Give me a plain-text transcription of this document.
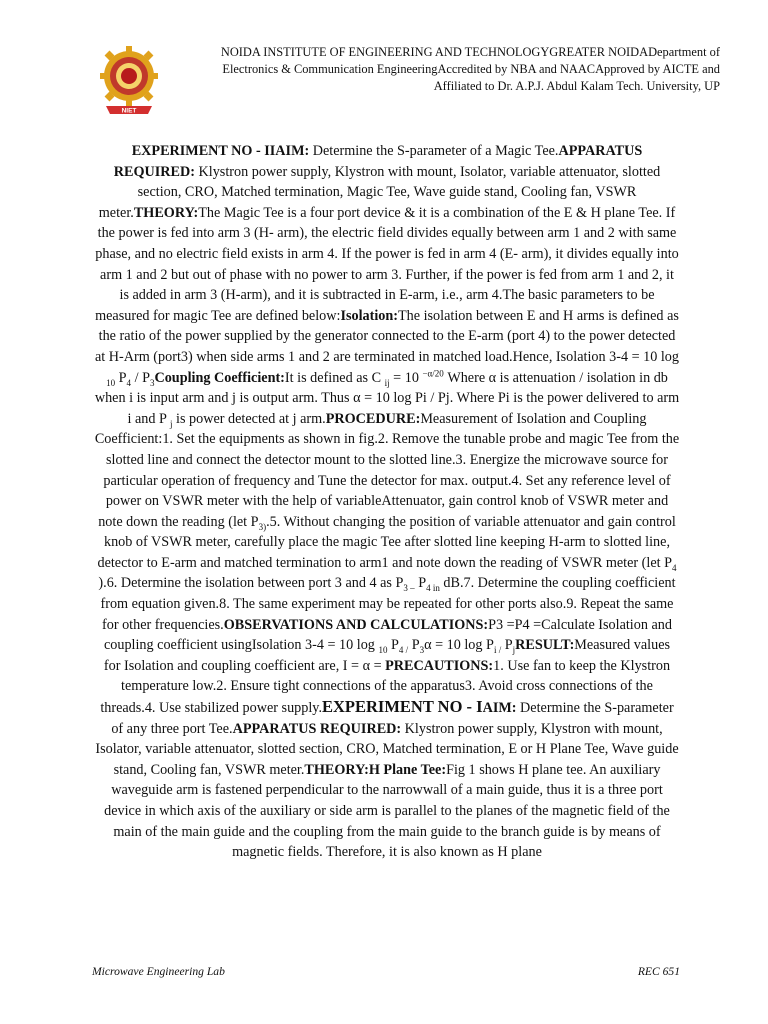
NIET
NOIDA INSTITUTE OF ENGINEERING AND TECHNOLOGYGREATER NOIDADepartment of Electronics & Communication EngineeringAccredited by NBA and NAACApproved by AICTE and Affiliated to Dr. A.P.J. Abdul Kalam Tech. University, UP
EXPERIMENT NO - IIAIM: Determine the S-parameter of a Magic Tee.APPARATUS REQUIRED: Klystron power supply, Klystron with mount, Isolator, variable attenuator, slotted section, CRO, Matched termination, Magic Tee, Wave guide stand, Cooling fan, VSWR meter.THEORY:The Magic Tee is a four port device & it is a combination of the E & H plane Tee. If the power is fed into arm 3 (H- arm), the electric field divides equally between arm 1 and 2 with same phase, and no electric field exists in arm 4. If the power is fed in arm 4 (E- arm), it divides equally into arm 1 and 2 but out of phase with no power to arm 3. Further, if the power is fed from arm 1 and 2, it is added in arm 3 (H-arm), and it is subtracted in E-arm, i.e., arm 4.The basic parameters to be measured for magic Tee are defined below:Isolation:The isolation between E and H arms is defined as the ratio of the power supplied by the generator connected to the E-arm (port 4) to the power detected at H-Arm (port3) when side arms 1 and 2 are terminated in matched load.Hence, Isolation 3-4 = 10 log $_{10}$ $P_4$ / $P_3Coupling$ Coefficient:It is defined as C $_{ij}$ = 10 $^{-\alpha/20}$ Where α is attenuation / isolation in db when i is input arm and j is output arm. Thus α = 10 log Pi / Pj. Where Pi is the power delivered to arm i and P $_j$ is power detected at j arm.PROCEDURE:Measurement of Isolation and Coupling Coefficient:1. Set the equipments as shown in fig.2. Remove the tunable probe and magic Tee from the slotted line and connect the detector mount to the slotted line.3. Energize the microwave source for particular operation of frequency and Tune the detector for max. output.4. Set any reference level of power on VSWR meter with the help of variableAttenuator, gain control knob of VSWR meter and note down the reading (let $P_{3)}.5$. Without changing the position of variable attenuator and gain control knob of VSWR meter, carefully place the magic Tee after slotted line keeping H-arm to slotted line, detector to E-arm and matched termination to arm1 and note down the reading of VSWR meter (let $P_4$ ).6. Determine the isolation between port 3 and 4 as $P_{3 -}$ $P_{4 in}$ dB.7. Determine the coupling coefficient from equation given.8. The same experiment may be repeated for other ports also.9. Repeat the same for other frequencies.OBSERVATIONS AND CALCULATIONS:P3 =P4 =Calculate Isolation and coupling coefficient usingIsolation 3-4 = 10 log $_{10}$ $P_{4 /}$ $P_3\alpha = 10$ $\log P_{i /}$ $P_jRESULT:Measured$ values for Isolation and coupling coefficient are, I = α = PRECAUTIONS:1. Use fan to keep the Klystron temperature low.2. Ensure tight connections of the apparatus3. Avoid cross connections of the threads.4. Use stabilized power supply.EXPERIMENT NO - IAIM: Determine the S-parameter of any three port Tee.APPARATUS REQUIRED: Klystron power supply, Klystron with mount, Isolator, variable attenuator, slotted section, CRO, Matched termination, E or H Plane Tee, Wave guide stand, Cooling fan, VSWR meter.THEORY:H Plane Tee:Fig 1 shows H plane tee. An auxiliary waveguide arm is fastened perpendicular to the narrowwall of a main guide, thus it is a three port device in which axis of the auxiliary or side arm is parallel to the planes of the magnetic field of the main of the main guide and the coupling from the main guide to the branch guide is by means of magnetic fields. Therefore, it is also known as H plane
Microwave Engineering Lab	REC 651
